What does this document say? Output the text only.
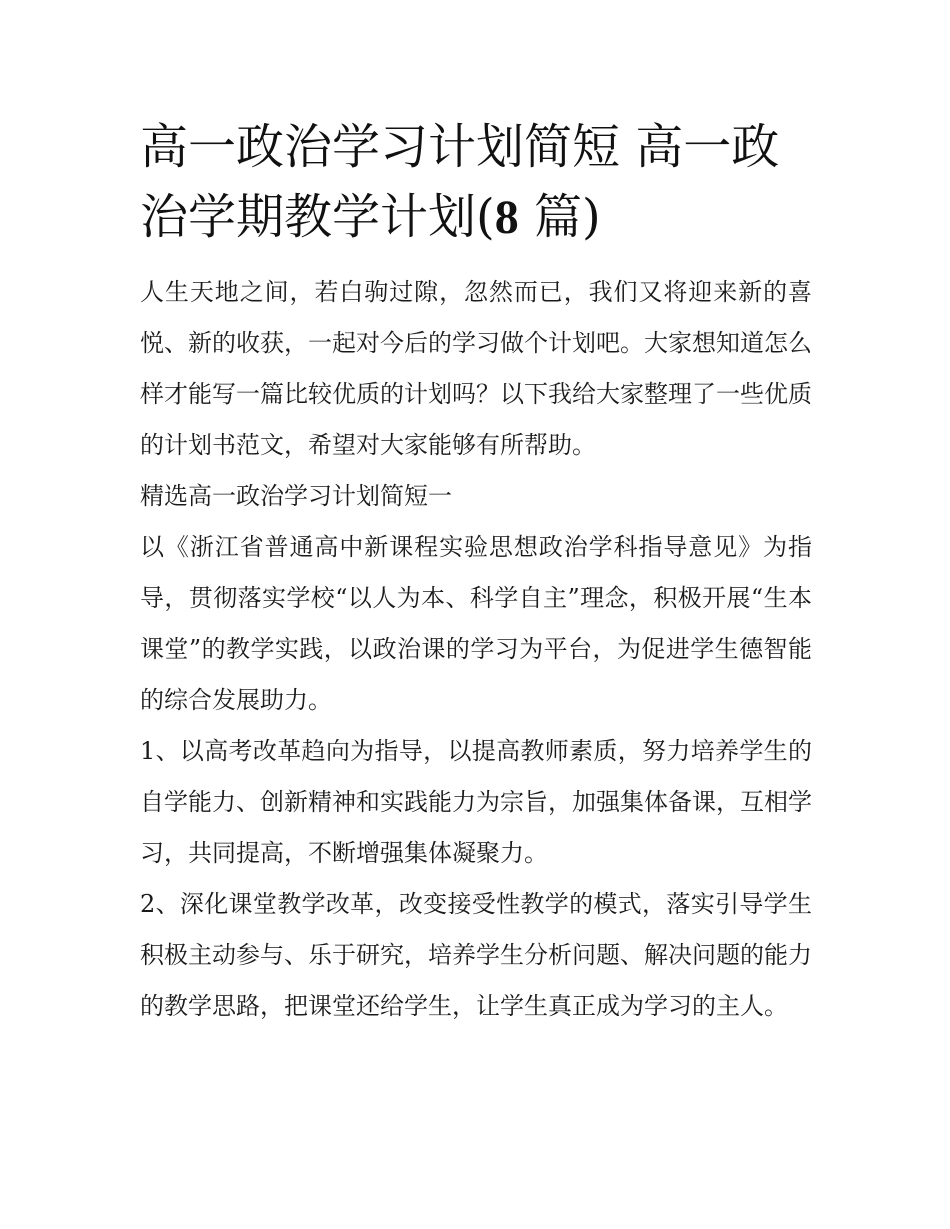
高一政治学习计划简短 高一政治学期教学计划(8 篇)

人生天地之间，若白驹过隙，忽然而已，我们又将迎来新的喜悦、新的收获，一起对今后的学习做个计划吧。大家想知道怎么样才能写一篇比较优质的计划吗？以下我给大家整理了一些优质的计划书范文，希望对大家能够有所帮助。

精选高一政治学习计划简短一

以《浙江省普通高中新课程实验思想政治学科指导意见》为指导，贯彻落实学校“以人为本、科学自主”理念，积极开展“生本课堂”的教学实践，以政治课的学习为平台，为促进学生德智能的综合发展助力。

1、以高考改革趋向为指导，以提高教师素质，努力培养学生的自学能力、创新精神和实践能力为宗旨，加强集体备课，互相学习，共同提高，不断增强集体凝聚力。

2、深化课堂教学改革，改变接受性教学的模式，落实引导学生积极主动参与、乐于研究，培养学生分析问题、解决问题的能力的教学思路，把课堂还给学生，让学生真正成为学习的主人。
